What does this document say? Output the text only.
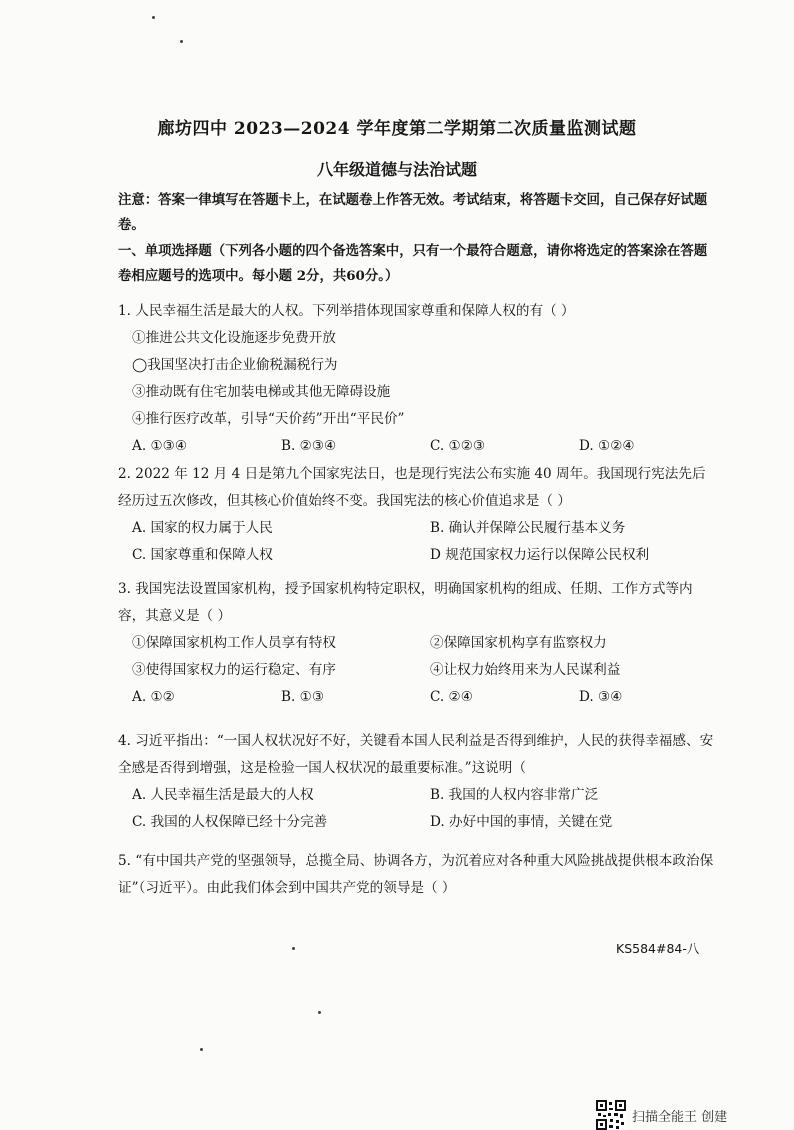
廊坊四中 2023—2024 学年度第二学期第二次质量监测试题
八年级道德与法治试题
注意：答案一律填写在答题卡上，在试题卷上作答无效。考试结束，将答题卡交回，自己保存好试题卷。
一、单项选择题（下列各小题的四个备选答案中，只有一个最符合题意，请你将选定的答案涂在答题卷相应题号的选项中。每小题 2分，共60分。）
1. 人民幸福生活是最大的人权。下列举措体现国家尊重和保障人权的有（ ）
①推进公共文化设施逐步免费开放
◯我国坚决打击企业偷税漏税行为
③推动既有住宅加装电梯或其他无障碍设施
④推行医疗改革，引导“天价药”开出“平民价”
A. ①③④	B. ②③④	C. ①②③	D. ①②④
2. 2022 年 12 月 4 日是第九个国家宪法日，也是现行宪法公布实施 40 周年。我国现行宪法先后经历过五次修改，但其核心价值始终不变。我国宪法的核心价值追求是（ ）
A. 国家的权力属于人民	B. 确认并保障公民履行基本义务
C. 国家尊重和保障人权	D 规范国家权力运行以保障公民权利
3. 我国宪法设置国家机构，授予国家机构特定职权，明确国家机构的组成、任期、工作方式等内容，其意义是（ ）
①保障国家机构工作人员享有特权	②保障国家机构享有监察权力
③使得国家权力的运行稳定、有序	④让权力始终用来为人民谋利益
A. ①②	B. ①③	C. ②④	D. ③④
4. 习近平指出：“一国人权状况好不好，关键看本国人民利益是否得到维护，人民的获得幸福感、安全感是否得到增强，这是检验一国人权状况的最重要标准。”这说明（
A. 人民幸福生活是最大的人权	B. 我国的人权内容非常广泛
C. 我国的人权保障已经十分完善	D. 办好中国的事情，关键在党
5. “有中国共产党的坚强领导，总揽全局、协调各方，为沉着应对各种重大风险挑战提供根本政治保证”（习近平）。由此我们体会到中国共产党的领导是（ ）
KS584#84-八
扫描全能王 创建
